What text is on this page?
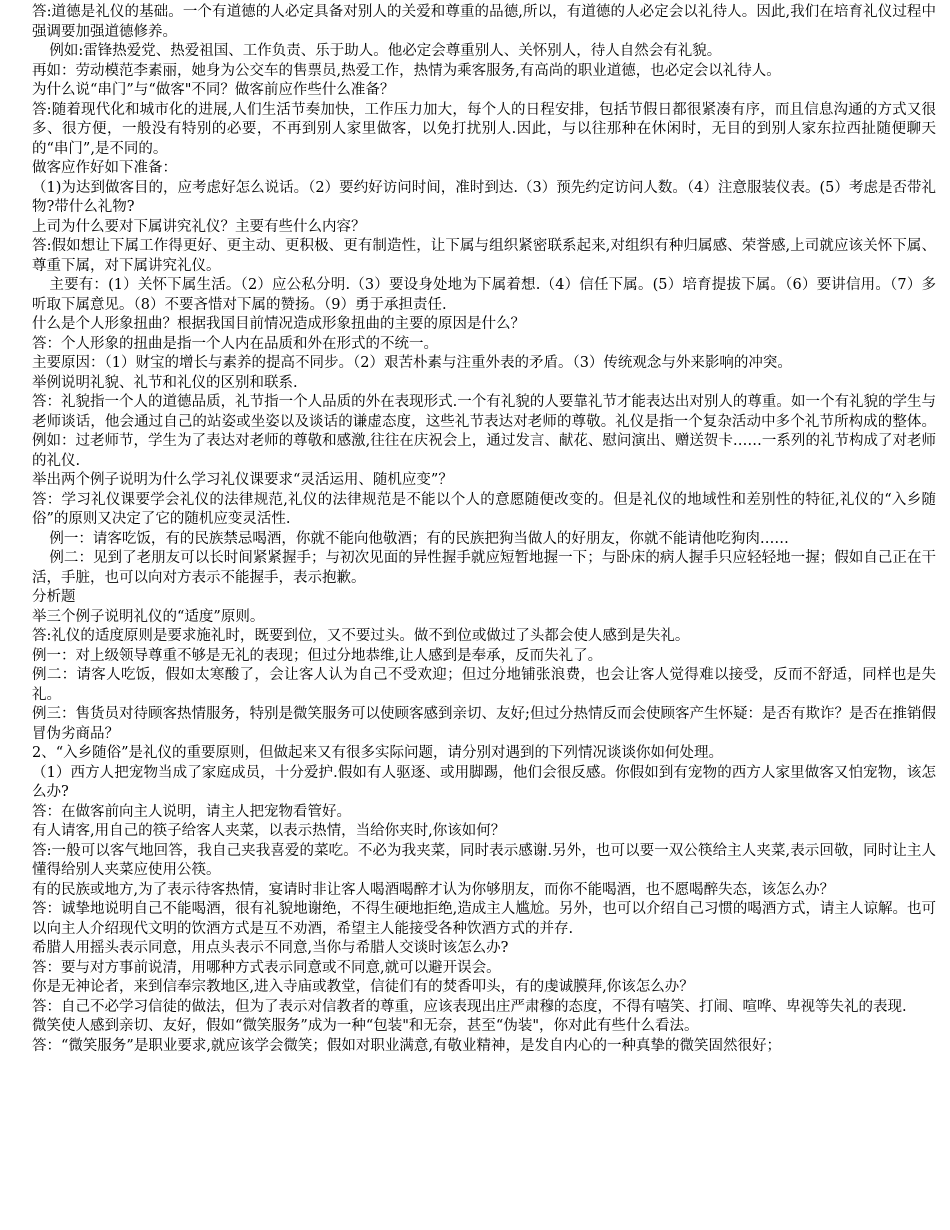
答:道德是礼仪的基础。一个有道德的人必定具备对别人的关爱和尊重的品德,所以，有道德的人必定会以礼待人。因此,我们在培育礼仪过程中强调要加强道德修养。

例如:雷锋热爱党、热爱祖国、工作负责、乐于助人。他必定会尊重别人、关怀别人，待人自然会有礼貌。

再如：劳动模范李素丽，她身为公交车的售票员,热爱工作，热情为乘客服务,有高尚的职业道德，也必定会以礼待人。

为什么说“串门”与“做客"不同？做客前应作些什么准备？

答:随着现代化和城市化的进展,人们生活节奏加快，工作压力加大，每个人的日程安排，包括节假日都很紧凑有序，而且信息沟通的方式又很多、很方便，一般没有特别的必要，不再到别人家里做客，以免打扰别人.因此，与以往那种在休闲时，无目的到别人家东拉西扯随便聊天的“串门”,是不同的。

做客应作好如下准备：

（1)为达到做客目的，应考虑好怎么说话。（2）要约好访问时间，准时到达.（3）预先约定访问人数。（4）注意服装仪表。(5）考虑是否带礼物?带什么礼物?

上司为什么要对下属讲究礼仪？主要有些什么内容？

答:假如想让下属工作得更好、更主动、更积极、更有制造性，让下属与组织紧密联系起来,对组织有种归属感、荣誉感,上司就应该关怀下属、尊重下属，对下属讲究礼仪。

主要有：(1）关怀下属生活。（2）应公私分明.（3）要设身处地为下属着想.（4）信任下属。(5）培育提拔下属。（6）要讲信用。（7）多听取下属意见。（8）不要吝惜对下属的赞扬。（9）勇于承担责任.

什么是个人形象扭曲？根据我国目前情况造成形象扭曲的主要的原因是什么？

答：个人形象的扭曲是指一个人内在品质和外在形式的不统一。

主要原因：（1）财宝的增长与素养的提高不同步。（2）艰苦朴素与注重外表的矛盾。（3）传统观念与外来影响的冲突。

举例说明礼貌、礼节和礼仪的区别和联系.

答：礼貌指一个人的道德品质，礼节指一个人品质的外在表现形式.一个有礼貌的人要靠礼节才能表达出对别人的尊重。如一个有礼貌的学生与老师谈话，他会通过自己的站姿或坐姿以及谈话的谦虚态度，这些礼节表达对老师的尊敬。礼仪是指一个复杂活动中多个礼节所构成的整体。例如：过老师节，学生为了表达对老师的尊敬和感激,往往在庆祝会上，通过发言、献花、慰问演出、赠送贺卡……一系列的礼节构成了对老师的礼仪.

举出两个例子说明为什么学习礼仪课要求“灵活运用、随机应变”？

答：学习礼仪课要学会礼仪的法律规范,礼仪的法律规范是不能以个人的意愿随便改变的。但是礼仪的地域性和差别性的特征,礼仪的“入乡随俗”的原则又决定了它的随机应变灵活性.

例一：请客吃饭，有的民族禁忌喝酒，你就不能向他敬酒；有的民族把狗当做人的好朋友，你就不能请他吃狗肉……

例二：见到了老朋友可以长时间紧紧握手；与初次见面的异性握手就应短暂地握一下；与卧床的病人握手只应轻轻地一握；假如自己正在干活，手脏，也可以向对方表示不能握手，表示抱歉。

分析题

举三个例子说明礼仪的“适度”原则。

答:礼仪的适度原则是要求施礼时，既要到位，又不要过头。做不到位或做过了头都会使人感到是失礼。

例一：对上级领导尊重不够是无礼的表现；但过分地恭维,让人感到是奉承，反而失礼了。

例二：请客人吃饭，假如太寒酸了，会让客人认为自己不受欢迎；但过分地铺张浪费，也会让客人觉得难以接受，反而不舒适，同样也是失礼。

例三：售货员对待顾客热情服务，特别是微笑服务可以使顾客感到亲切、友好;但过分热情反而会使顾客产生怀疑：是否有欺诈？是否在推销假冒伪劣商品？

2、“入乡随俗”是礼仪的重要原则，但做起来又有很多实际问题，请分别对遇到的下列情况谈谈你如何处理。

（1）西方人把宠物当成了家庭成员，十分爱护.假如有人驱逐、或用脚踢，他们会很反感。你假如到有宠物的西方人家里做客又怕宠物，该怎么办?

答：在做客前向主人说明，请主人把宠物看管好。

有人请客,用自己的筷子给客人夹菜，以表示热情，当给你夹时,你该如何？

答:一般可以客气地回答，我自己夹我喜爱的菜吃。不必为我夹菜，同时表示感谢.另外，也可以要一双公筷给主人夹菜,表示回敬，同时让主人懂得给别人夹菜应使用公筷。

有的民族或地方,为了表示待客热情，宴请时非让客人喝酒喝醉才认为你够朋友，而你不能喝酒，也不愿喝醉失态，该怎么办？

答：诚挚地说明自己不能喝酒，很有礼貌地谢绝，不得生硬地拒绝,造成主人尴尬。另外，也可以介绍自己习惯的喝酒方式，请主人谅解。也可以向主人介绍现代文明的饮酒方式是互不劝酒，希望主人能接受各种饮酒方式的并存.

希腊人用摇头表示同意，用点头表示不同意,当你与希腊人交谈时该怎么办?

答：要与对方事前说清，用哪种方式表示同意或不同意,就可以避开误会。

你是无神论者，来到信奉宗教地区,进入寺庙或教堂，信徒们有的焚香叩头，有的虔诚膜拜,你该怎么办？

答：自己不必学习信徒的做法，但为了表示对信教者的尊重，应该表现出庄严肃穆的态度，不得有嘻笑、打闹、喧哗、卑视等失礼的表现.

微笑使人感到亲切、友好，假如“微笑服务”成为一种“包装"和无奈，甚至“伪装"，你对此有些什么看法。

答：“微笑服务”是职业要求,就应该学会微笑；假如对职业满意,有敬业精神，是发自内心的一种真挚的微笑固然很好；
